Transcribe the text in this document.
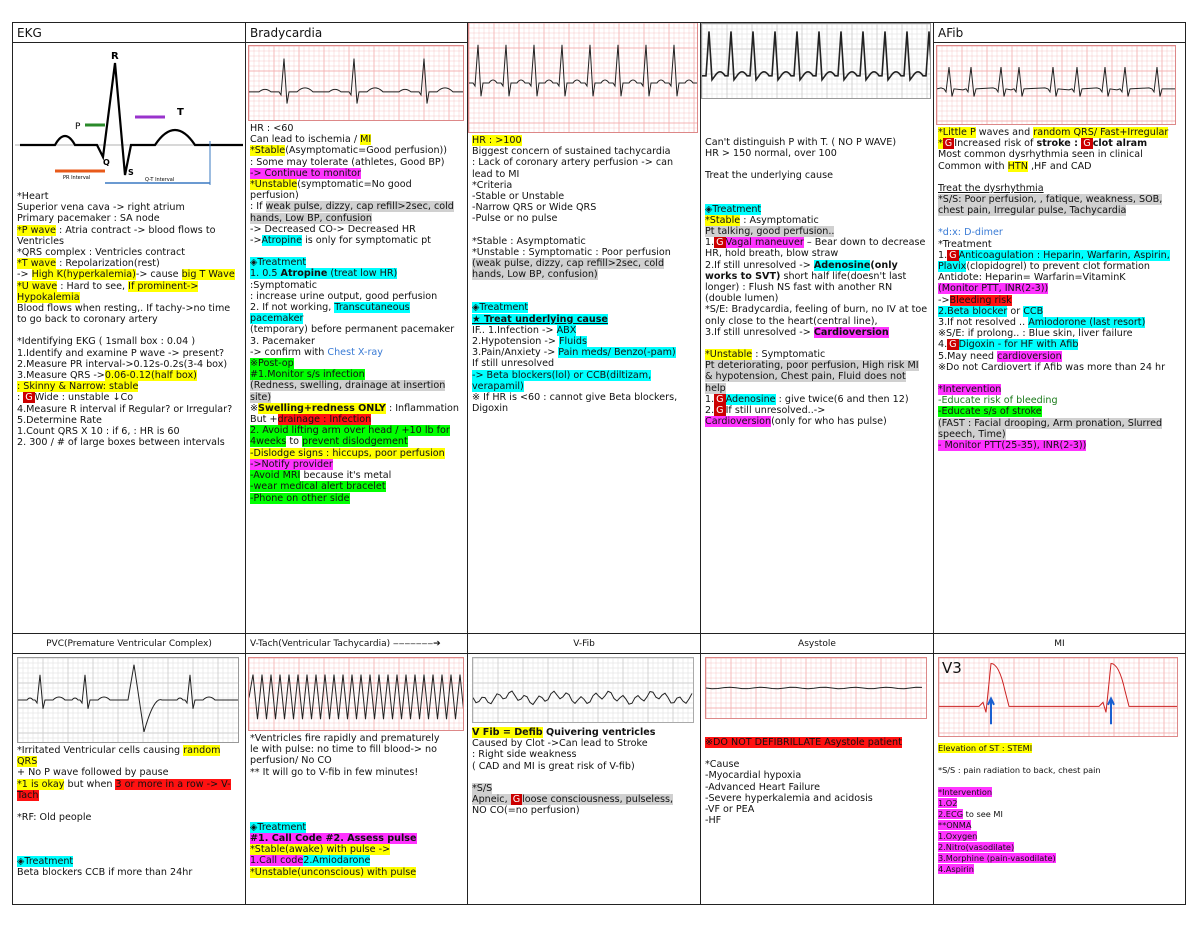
EKG
R
P
Q
S
T
PR Interval	Q-T Interval
*Heart
Superior vena cava -> right atrium
Primary pacemaker : SA node
*P wave : Atria contract -> blood flows to Ventricles
*QRS complex : Ventricles contract
*T wave : Repolarization(rest)
-> High K(hyperkalemia)-> cause big T Wave
*U wave : Hard to see, If prominent-> Hypokalemia
Blood flows when resting,. If tachy->no time to go back to coronary artery
*Identifying EKG ( 1small box : 0.04 )
1.Identify and examine P wave -> present?
2.Measure PR interval->0.12s-0.2s(3-4 box)
3.Measure QRS ->0.06-0.12(half box)
: Skinny & Narrow: stable
: G Wide : unstable ↓Co
4.Measure R interval if Regular? or Irregular?
5.Determine Rate
1.Count QRS X 10 : if 6, : HR is 60
2. 300 / # of large boxes between intervals
Bradycardia
HR : <60
Can lead to ischemia / MI
*Stable(Asymptomatic=Good perfusion))
: Some may tolerate (athletes, Good BP)
-> Continue to monitor
*Unstable(symptomatic=No good perfusion)
: If weak pulse, dizzy, cap refill>2sec, cold hands, Low BP, confusion
-> Decreased CO-> Decreased HR
->Atropine is only for symptomatic pt
◈Treatment
1. 0.5 Atropine (treat low HR)
:Symptomatic
: increase urine output, good perfusion
2. If not working, Transcutaneous pacemaker
(temporary) before permanent pacemaker
3. Pacemaker
-> confirm with Chest X-ray
※Post-op
#1.Monitor s/s infection
(Redness, swelling, drainage at insertion site)
※Swelling+redness ONLY : Inflammation
But +drainage : Infection
2. Avoid lifting arm over head / +10 lb for 4weeks to prevent dislodgement
-Dislodge signs : hiccups, poor perfusion
->Notify provider
-Avoid MRI because it's metal
-wear medical alert bracelet
-Phone on other side
HR : >100
Biggest concern of sustained tachycardia
: Lack of coronary artery perfusion -> can lead to MI
*Criteria
-Stable or Unstable
-Narrow QRS or Wide QRS
-Pulse or no pulse
*Stable : Asymptomatic
*Unstable : Symptomatic : Poor perfusion
(weak pulse, dizzy, cap refill>2sec, cold hands, Low BP, confusion)
◈Treatment
★ Treat underlying cause
IF.. 1.Infection -> ABX
2.Hypotension -> Fluids
3.Pain/Anxiety -> Pain meds/ Benzo(-pam)
If still unresolved
-> Beta blockers(lol) or CCB(diltizam, verapamil)
※ If HR is <60 : cannot give Beta blockers, Digoxin
Can't distinguish P with T. ( NO P WAVE)
HR > 150 normal, over 100
Treat the underlying cause
◈Treatment
*Stable : Asymptomatic
Pt talking, good perfusion..
1. G Vagal maneuver – Bear down to decrease HR, hold breath, blow straw
2.If still unresolved -> Adenosine(only works to SVT) short half life(doesn't last longer) : Flush NS fast with another RN (double lumen)
*S/E: Bradycardia, feeling of burn, no IV at toe only close to the heart(central line),
3.If still unresolved -> Cardioversion
*Unstable : Symptomatic
Pt deteriorating, poor perfusion, High risk MI & hypotension, Chest pain, Fluid does not help
1. G Adenosine : give twice(6 and then 12)
2. G If still unresolved..->
Cardioversion(only for who has pulse)
AFib
*Little P waves and random QRS/ Fast+Irregular
* G Increased risk of stroke : G clot alram
Most common dysrhythmia seen in clinical
Common with HTN ,HF and CAD
Treat the dysrhythmia
*S/S: Poor perfusion, , fatique, weakness, SOB, chest pain, Irregular pulse, Tachycardia
*d:x: D-dimer
*Treatment
1. G Anticoagulation : Heparin, Warfarin, Aspirin, Plavix(clopidogrel) to prevent clot formation
Antidote: Heparin= Warfarin=VitaminK
(Monitor PTT, INR(2-3))
->Bleeding risk
2.Beta blocker or CCB
3.If not resolved .. Amiodorone (last resort)
※S/E: if prolong.. : Blue skin, liver failure
4. G Digoxin - for HF with Afib
5.May need cardioversion
※Do not Cardiovert if Afib was more than 24 hr
*Intervention
-Educate risk of bleeding
-Educate s/s of stroke
(FAST : Facial drooping, Arm pronation, Slurred speech, Time)
- Monitor PTT(25-35), INR(2-3))
PVC(Premature Ventricular Complex)
*Irritated Ventricular cells causing random QRS
+ No P wave followed by pause
*1 is okay but when 3 or more in a row -> V-Tach
*RF: Old people
◈Treatment
Beta blockers CCB if more than 24hr
V-Tach(Ventricular Tachycardia) ‒‒‒‒‒‒‒➔
*Ventricles fire rapidly and prematurely
le with pulse: no time to fill blood-> no perfusion/ No CO
** It will go to V-fib in few minutes!
◈Treatment
#1. Call Code #2. Assess pulse
*Stable(awake) with pulse ->
1.Call code2.Amiodarone
*Unstable(unconscious) with pulse
V-Fib
V Fib = Defib Quivering ventricles
Caused by Clot ->Can lead to Stroke
: Right side weakness
( CAD and MI is great risk of V-fib)
*S/S
Apneic, G loose consciousness, pulseless,
NO CO(=no perfusion)
Asystole
※DO NOT DEFIBRILLATE Asystole patient
*Cause
-Myocardial hypoxia
-Advanced Heart Failure
-Severe hyperkalemia and acidosis
-VF or PEA
-HF
MI
V3
Elevation of ST : STEMI
*S/S : pain radiation to back, chest pain
*Intervention
1.O2
2.ECG to see MI
**ONMA
1.Oxygen
2.Nitro(vasodilate)
3.Morphine (pain-vasodilate)
4.Aspirin
